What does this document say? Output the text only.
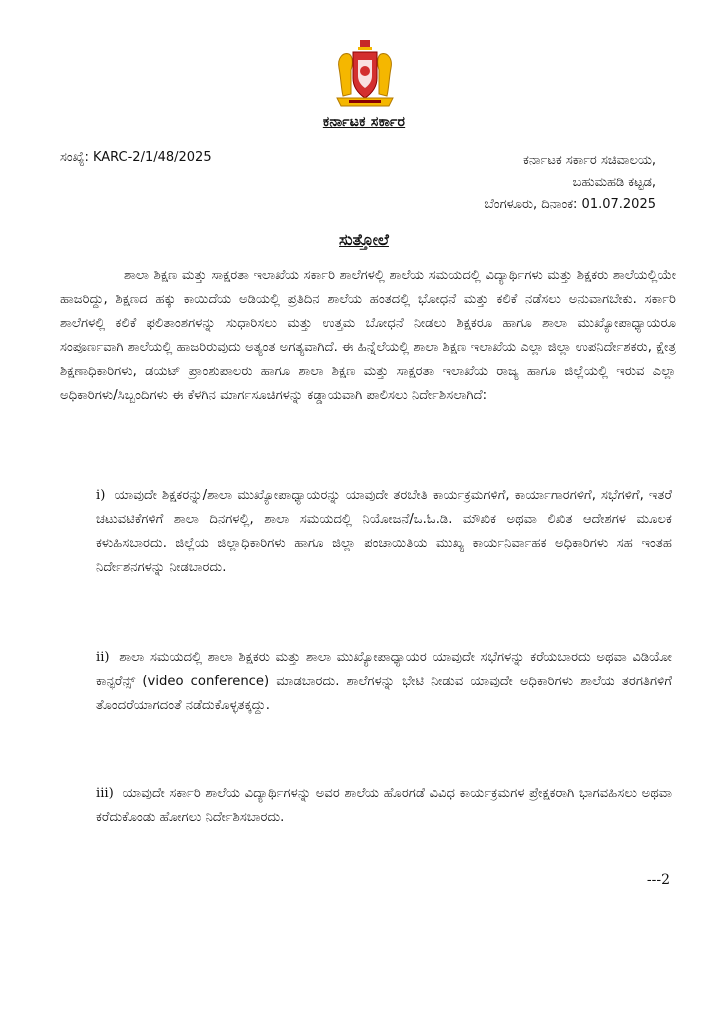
ಕರ್ನಾಟಕ ಸರ್ಕಾರ
ಸಂಖ್ಯೆ: KARC-2/1/48/2025	ಕರ್ನಾಟಕ ಸರ್ಕಾರ ಸಚಿವಾಲಯ,
ಬಹುಮಹಡಿ ಕಟ್ಟಡ,
ಬೆಂಗಳೂರು, ದಿನಾಂಕ: 01.07.2025
ಸುತ್ತೋಲೆ
ಶಾಲಾ ಶಿಕ್ಷಣ ಮತ್ತು ಸಾಕ್ಷರತಾ ಇಲಾಖೆಯ ಸರ್ಕಾರಿ ಶಾಲೆಗಳಲ್ಲಿ ಶಾಲೆಯ ಸಮಯದಲ್ಲಿ ವಿದ್ಯಾರ್ಥಿಗಳು ಮತ್ತು ಶಿಕ್ಷಕರು ಶಾಲೆಯಲ್ಲಿಯೇ ಹಾಜರಿದ್ದು, ಶಿಕ್ಷಣದ ಹಕ್ಕು ಕಾಯಿದೆಯ ಅಡಿಯಲ್ಲಿ ಪ್ರತಿದಿನ ಶಾಲೆಯ ಹಂತದಲ್ಲಿ ಭೋಧನೆ ಮತ್ತು ಕಲಿಕೆ ನಡೆಸಲು ಅನುವಾಗಬೇಕು. ಸರ್ಕಾರಿ ಶಾಲೆಗಳಲ್ಲಿ ಕಲಿಕೆ ಫಲಿತಾಂಶಗಳನ್ನು ಸುಧಾರಿಸಲು ಮತ್ತು ಉತ್ತಮ ಬೋಧನೆ ನೀಡಲು ಶಿಕ್ಷಕರೂ ಹಾಗೂ ಶಾಲಾ ಮುಖ್ಯೋಪಾಧ್ಯಾಯರೂ ಸಂಪೂರ್ಣವಾಗಿ ಶಾಲೆಯಲ್ಲಿ ಹಾಜರಿರುವುದು ಅತ್ಯಂತ ಅಗತ್ಯವಾಗಿದೆ. ಈ ಹಿನ್ನೆಲೆಯಲ್ಲಿ ಶಾಲಾ ಶಿಕ್ಷಣ ಇಲಾಖೆಯ ಎಲ್ಲಾ ಜಿಲ್ಲಾ ಉಪನಿರ್ದೇಶಕರು, ಕ್ಷೇತ್ರ ಶಿಕ್ಷಣಾಧಿಕಾರಿಗಳು, ಡಯಟ್ ಪ್ರಾಂಶುಪಾಲರು ಹಾಗೂ ಶಾಲಾ ಶಿಕ್ಷಣ ಮತ್ತು ಸಾಕ್ಷರತಾ ಇಲಾಖೆಯ ರಾಜ್ಯ ಹಾಗೂ ಜಿಲ್ಲೆಯಲ್ಲಿ ಇರುವ ಎಲ್ಲಾ ಅಧಿಕಾರಿಗಳು/ಸಿಬ್ಬಂದಿಗಳು ಈ ಕೆಳಗಿನ ಮಾರ್ಗಸೂಚಿಗಳನ್ನು ಕಡ್ಡಾಯವಾಗಿ ಪಾಲಿಸಲು ನಿರ್ದೇಶಿಸಲಾಗಿದೆ:
i) ಯಾವುದೇ ಶಿಕ್ಷಕರನ್ನು/ಶಾಲಾ ಮುಖ್ಯೋಪಾಧ್ಯಾಯರನ್ನು ಯಾವುದೇ ತರಬೇತಿ ಕಾರ್ಯಕ್ರಮಗಳಿಗೆ, ಕಾರ್ಯಾಗಾರಗಳಿಗೆ, ಸಭೆಗಳಿಗೆ, ಇತರೆ ಚಟುವಟಿಕೆಗಳಿಗೆ ಶಾಲಾ ದಿನಗಳಲ್ಲಿ, ಶಾಲಾ ಸಮಯದಲ್ಲಿ ನಿಯೋಜನೆ/ಒ.ಓ.ಡಿ. ಮೌಖಿಕ ಅಥವಾ ಲಿಖಿತ ಆದೇಶಗಳ ಮೂಲಕ ಕಳುಹಿಸಬಾರದು. ಜಿಲ್ಲೆಯ ಜಿಲ್ಲಾಧಿಕಾರಿಗಳು ಹಾಗೂ ಜಿಲ್ಲಾ ಪಂಚಾಯಿತಿಯ ಮುಖ್ಯ ಕಾರ್ಯನಿರ್ವಾಹಕ ಅಧಿಕಾರಿಗಳು ಸಹ ಇಂತಹ ನಿರ್ದೇಶನಗಳನ್ನು ನೀಡಬಾರದು.
ii) ಶಾಲಾ ಸಮಯದಲ್ಲಿ ಶಾಲಾ ಶಿಕ್ಷಕರು ಮತ್ತು ಶಾಲಾ ಮುಖ್ಯೋಪಾಧ್ಯಾಯರ ಯಾವುದೇ ಸಭೆಗಳನ್ನು ಕರೆಯಬಾರದು ಅಥವಾ ವಿಡಿಯೋ ಕಾನ್ಫರೆನ್ಸ್ (video conference) ಮಾಡಬಾರದು. ಶಾಲೆಗಳನ್ನು ಭೇಟಿ ನೀಡುವ ಯಾವುದೇ ಅಧಿಕಾರಿಗಳು ಶಾಲೆಯ ತರಗತಿಗಳಿಗೆ ತೊಂದರೆಯಾಗದಂತೆ ನಡೆದುಕೊಳ್ಳತಕ್ಕದ್ದು.
iii) ಯಾವುದೇ ಸರ್ಕಾರಿ ಶಾಲೆಯ ವಿದ್ಯಾರ್ಥಿಗಳನ್ನು ಅವರ ಶಾಲೆಯ ಹೊರಗಡೆ ವಿವಿಧ ಕಾರ್ಯಕ್ರಮಗಳ ಪ್ರೇಕ್ಷಕರಾಗಿ ಭಾಗವಹಿಸಲು ಅಥವಾ ಕರೆದುಕೊಂಡು ಹೋಗಲು ನಿರ್ದೇಶಿಸಬಾರದು.
---2
